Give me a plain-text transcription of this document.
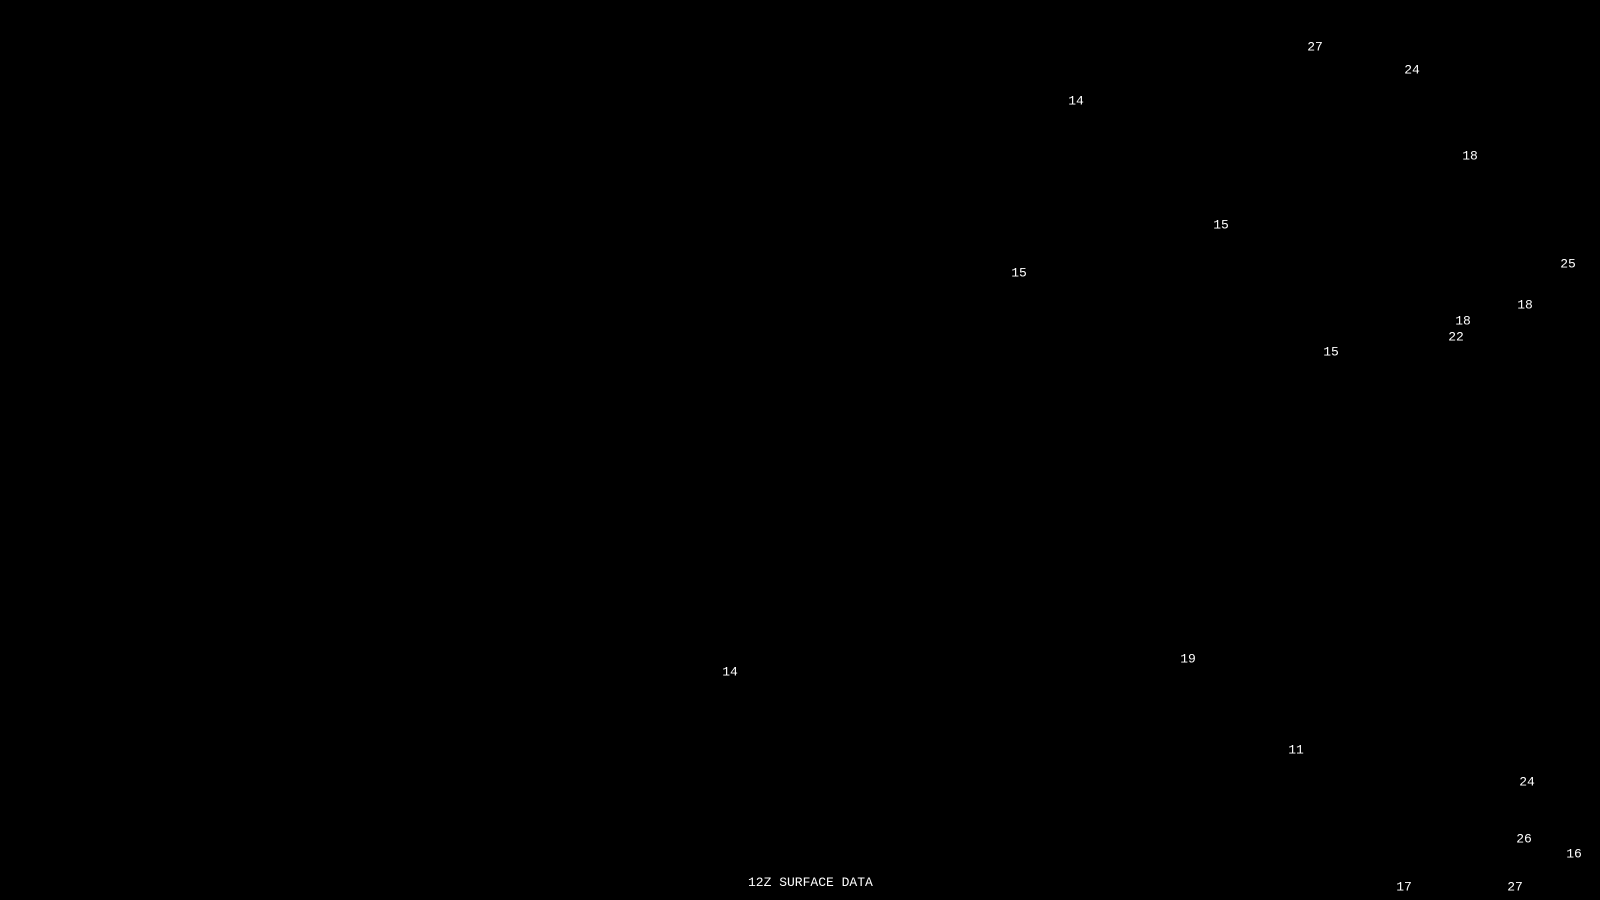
27
24
14
18
15
25
15
18
18
22
15
19
14
11
24
26
16
17	27
12Z SURFACE DATA
